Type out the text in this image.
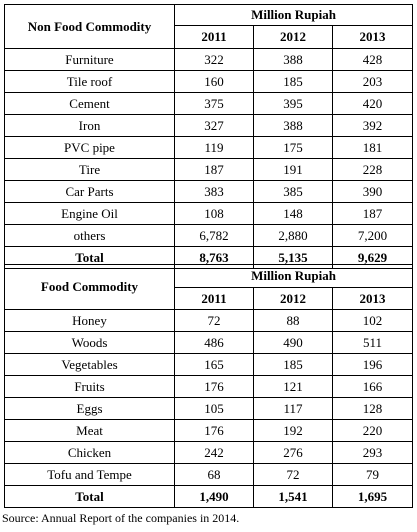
Non Food Commodity	Million Rupiah		
	2011	2012	2013
Furniture	322	388	428
Tile roof	160	185	203
Cement	375	395	420
Iron	327	388	392
PVC pipe	119	175	181
Tire	187	191	228
Car Parts	383	385	390
Engine Oil	108	148	187
others	6,782	2,880	7,200
Total	8,763	5,135	9,629
Food Commodity	Million Rupiah		
	2011	2012	2013
Honey	72	88	102
Woods	486	490	511
Vegetables	165	185	196
Fruits	176	121	166
Eggs	105	117	128
Meat	176	192	220
Chicken	242	276	293
Tofu and Tempe	68	72	79
Total	1,490	1,541	1,695
Source: Annual Report of the companies in 2014.
